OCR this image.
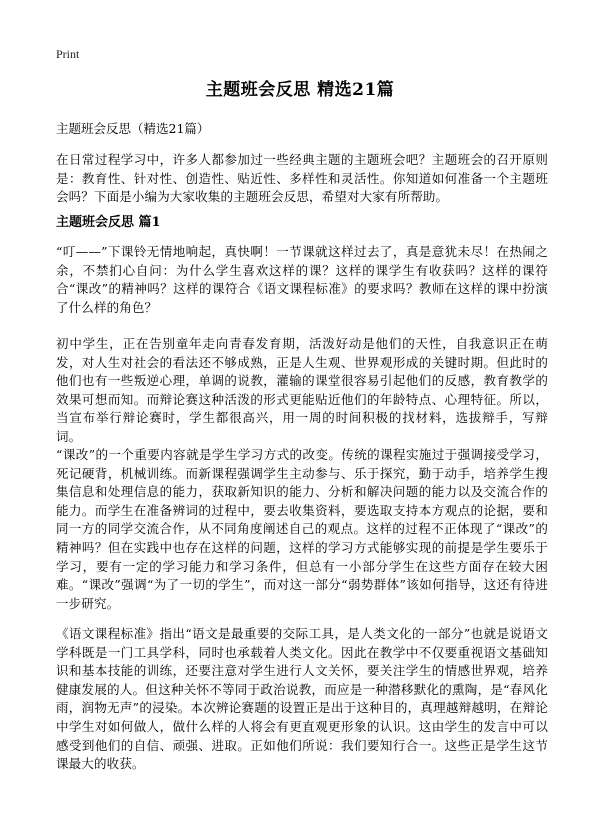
Print
主题班会反思 精选21篇
主题班会反思（精选21篇）

在日常过程学习中，许多人都参加过一些经典主题的主题班会吧？主题班会的召开原则是：教育性、针对性、创造性、贴近性、多样性和灵活性。你知道如何准备一个主题班会吗？下面是小编为大家收集的主题班会反思，希望对大家有所帮助。

主题班会反思 篇1

“叮——”下课铃无情地响起，真快啊！一节课就这样过去了，真是意犹未尽！在热闹之余，不禁扪心自问：为什么学生喜欢这样的课？这样的课学生有收获吗？这样的课符合“课改”的精神吗？这样的课符合《语文课程标准》的要求吗？教师在这样的课中扮演了什么样的角色？

初中学生，正在告别童年走向青春发育期，活泼好动是他们的天性，自我意识正在萌发，对人生对社会的看法还不够成熟，正是人生观、世界观形成的关键时期。但此时的他们也有一些叛逆心理，单调的说教，灌输的课堂很容易引起他们的反感，教育教学的效果可想而知。而辩论赛这种活泼的形式更能贴近他们的年龄特点、心理特征。所以，当宣布举行辩论赛时，学生都很高兴，用一周的时间积极的找材料，选拔辩手，写辩词。

“课改”的一个重要内容就是学生学习方式的改变。传统的课程实施过于强调接受学习，死记硬背，机械训练。而新课程强调学生主动参与、乐于探究，勤于动手，培养学生搜集信息和处理信息的能力，获取新知识的能力、分析和解决问题的能力以及交流合作的能力。而学生在准备辨词的过程中，要去收集资料，要选取支持本方观点的论据，要和同一方的同学交流合作，从不同角度阐述自己的观点。这样的过程不正体现了“课改”的精神吗？但在实践中也存在这样的问题，这样的学习方式能够实现的前提是学生要乐于学习，要有一定的学习能力和学习条件，但总有一小部分学生在这些方面存在较大困难。“课改”强调“为了一切的学生”，而对这一部分“弱势群体”该如何指导，这还有待进一步研究。

《语文课程标准》指出“语文是最重要的交际工具，是人类文化的一部分”也就是说语文学科既是一门工具学科，同时也承载着人类文化。因此在教学中不仅要重视语文基础知识和基本技能的训练，还要注意对学生进行人文关怀，要关注学生的情感世界观，培养健康发展的人。但这种关怀不等同于政治说教，而应是一种潜移默化的熏陶，是“春风化雨，润物无声”的浸染。本次辨论赛题的设置正是出于这种目的，真理越辩越明，在辩论中学生对如何做人，做什么样的人将会有更直观更形象的认识。这由学生的发言中可以感受到他们的自信、顽强、进取。正如他们所说：我们要知行合一。这些正是学生这节课最大的收获。
